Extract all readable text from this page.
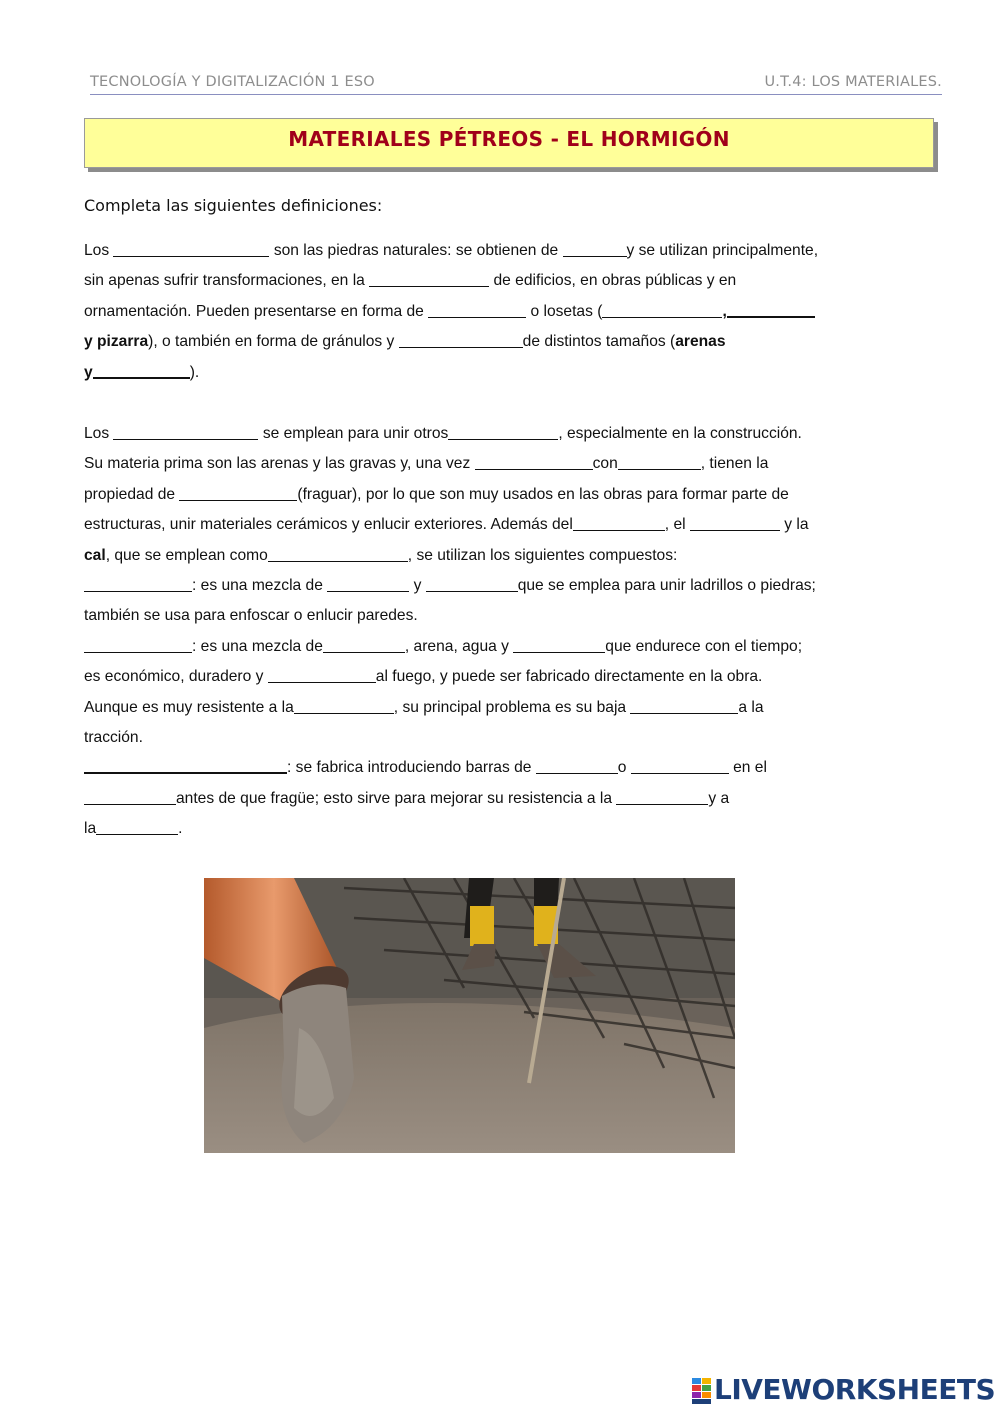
TECNOLOGÍA Y DIGITALIZACIÓN 1 ESO	U.T.4: LOS MATERIALES.
MATERIALES PÉTREOS - EL HORMIGÓN
Completa las siguientes definiciones:
Los	son las piedras naturales: se obtienen de	y se utilizan principalmente,
sin apenas sufrir transformaciones, en la	de edificios, en obras públicas y en
ornamentación. Pueden presentarse en forma de	o losetas (	,
y pizarra), o también en forma de gránulos y	de distintos tamaños (arenas
y	).
Los	se emplean para unir otros	, especialmente en la construcción.
Su materia prima son las arenas y las gravas y, una vez	con	, tienen la
propiedad de	(fraguar), por lo que son muy usados en las obras para formar parte de
estructuras, unir materiales cerámicos y enlucir exteriores. Además del	, el	y la
cal, que se emplean como	, se utilizan los siguientes compuestos:
: es una mezcla de	y	que se emplea para unir ladrillos o piedras;
también se usa para enfoscar o enlucir paredes.
: es una mezcla de	, arena, agua y	que endurece con el tiempo;
es económico, duradero y	al fuego, y puede ser fabricado directamente en la obra.
Aunque es muy resistente a la	, su principal problema es su baja	a la
tracción.
: se fabrica introduciendo barras de	o	en el
antes de que fragüe; esto sirve para mejorar su resistencia a la	y a
la	.
LIVEWORKSHEETS
